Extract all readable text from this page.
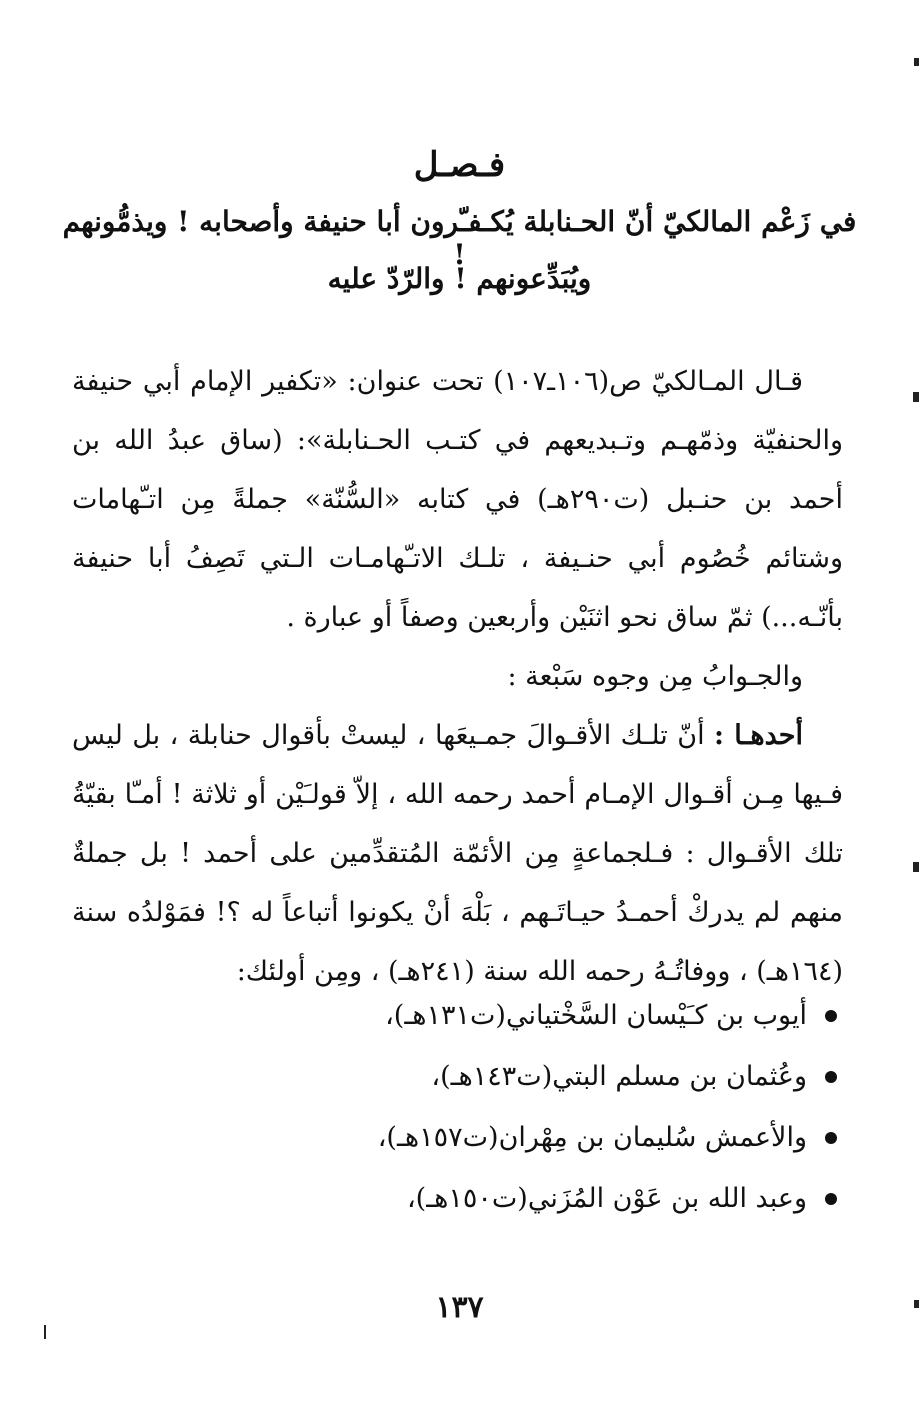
فـصـل
في زَعْم المالكيّ أنّ الحـنابلة يُكـفـّرون أبا حنيفة وأصحابه ! ويذمُّونهم !
ويُبَدِّعونهم ! والرّدّ عليه

قـال المـالكيّ ص(١٠٦ـ١٠٧) تحت عنوان: «تكفير الإمام أبي حنيفة والحنفيّة وذمّهـم وتـبديعهم في كتـب الحـنابلة»: (ساق عبدُ الله بن أحمد بن حنـبل (ت٢٩٠هـ) في كتابه «السُّنّة» جملةً مِن اتـّهامات وشتائم خُصُوم أبي حنـيفة ، تلـك الاتـّهامـات الـتي تَصِفُ أبا حنيفة بأنّـه...) ثمّ ساق نحو اثنَيْن وأربعين وصفاً أو عبارة .

والجـوابُ مِن وجوه سَبْعة :

أحدهـا : أنّ تلـك الأقـوالَ جمـيعَها ، ليستْ بأقوال حنابلة ، بل ليس فـيها مِـن أقـوال الإمـام أحمد رحمه الله ، إلاّ قولـَيْن أو ثلاثة ! أمـّا بقيّةُ تلك الأقـوال : فـلجماعةٍ مِن الأئمّة المُتقدِّمين على أحمد ! بل جملةٌ منهم لم يدركْ أحمـدُ حيـاتَـهم ، بَلْهَ أنْ يكونوا أتباعاً له ؟! فمَوْلدُه سنة (١٦٤هـ) ، ووفاتُـهُ رحمه الله سنة (٢٤١هـ) ، ومِن أولئك:

أيوب بن كـَيْسان السَّخْتياني(ت١٣١هـ)،
وعُثمان بن مسلم البتي(ت١٤٣هـ)،
والأعمش سُليمان بن مِهْران(ت١٥٧هـ)،
وعبد الله بن عَوْن المُزَني(ت١٥٠هـ)،
١٣٧
